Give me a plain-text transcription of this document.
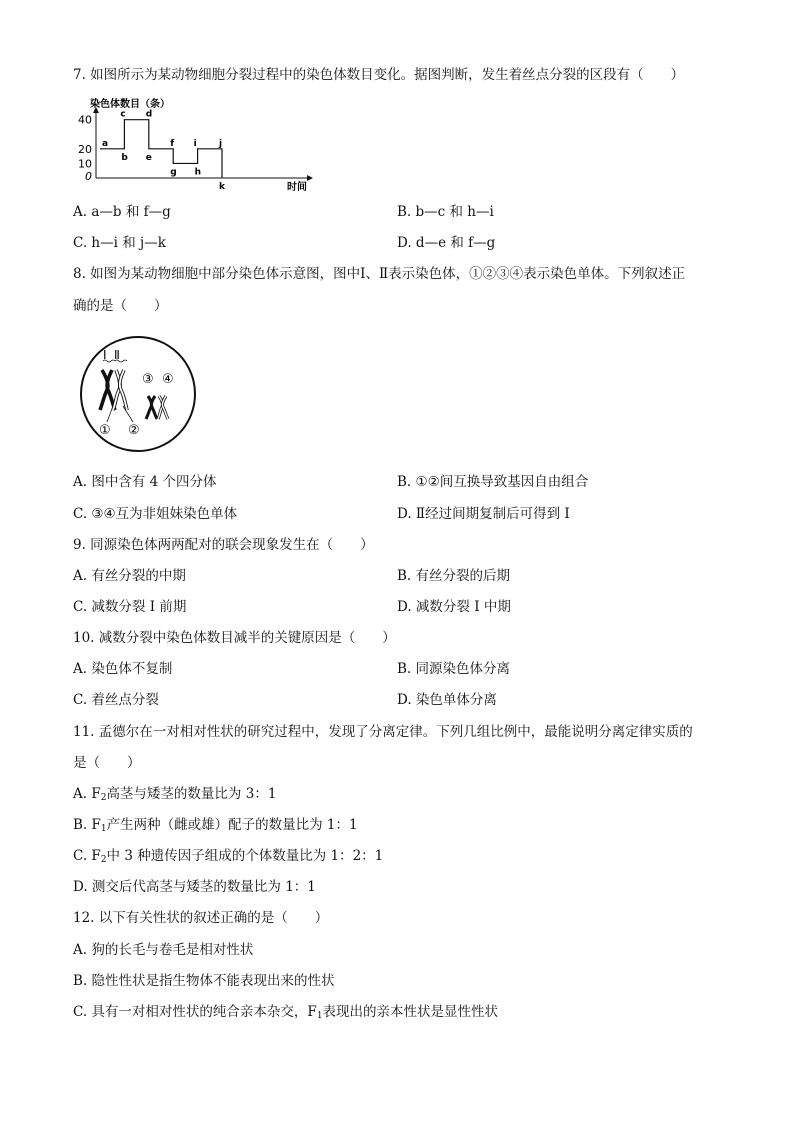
7. 如图所示为某动物细胞分裂过程中的染色体数目变化。据图判断，发生着丝点分裂的区段有（　　）
染色体数目（条）
时间
40
20
10
0
a
b
c d
e
f
g h
i j
k
A. a—b 和 f—g	B. b—c 和 h—i
C. h—i 和 j—k	D. d—e 和 f—g
8. 如图为某动物细胞中部分染色体示意图，图中Ⅰ、Ⅱ表示染色体，①②③④表示染色单体。下列叙述正
确的是（　　）
Ⅰ Ⅱ
① ②
③ ④
A. 图中含有 4 个四分体	B. ①②间互换导致基因自由组合
C. ③④互为非姐妹染色单体	D. Ⅱ经过间期复制后可得到 Ⅰ
9. 同源染色体两两配对的联会现象发生在（　　）
A. 有丝分裂的中期	B. 有丝分裂的后期
C. 减数分裂 Ⅰ 前期	D. 减数分裂 Ⅰ 中期
10. 减数分裂中染色体数目减半的关键原因是（　　）
A. 染色体不复制	B. 同源染色体分离
C. 着丝点分裂	D. 染色单体分离
11. 孟德尔在一对相对性状的研究过程中，发现了分离定律。下列几组比例中，最能说明分离定律实质的
是（　　）
A. $F_2$高茎与矮茎的数量比为 3：1
B. $F_1$产生两种（雌或雄）配子的数量比为 1：1
C. $F_2$中 3 种遗传因子组成的个体数量比为 1：2：1
D. 测交后代高茎与矮茎的数量比为 1：1
12. 以下有关性状的叙述正确的是（　　）
A. 狗的长毛与卷毛是相对性状
B. 隐性性状是指生物体不能表现出来的性状
C. 具有一对相对性状的纯合亲本杂交，$F_1$表现出的亲本性状是显性性状
